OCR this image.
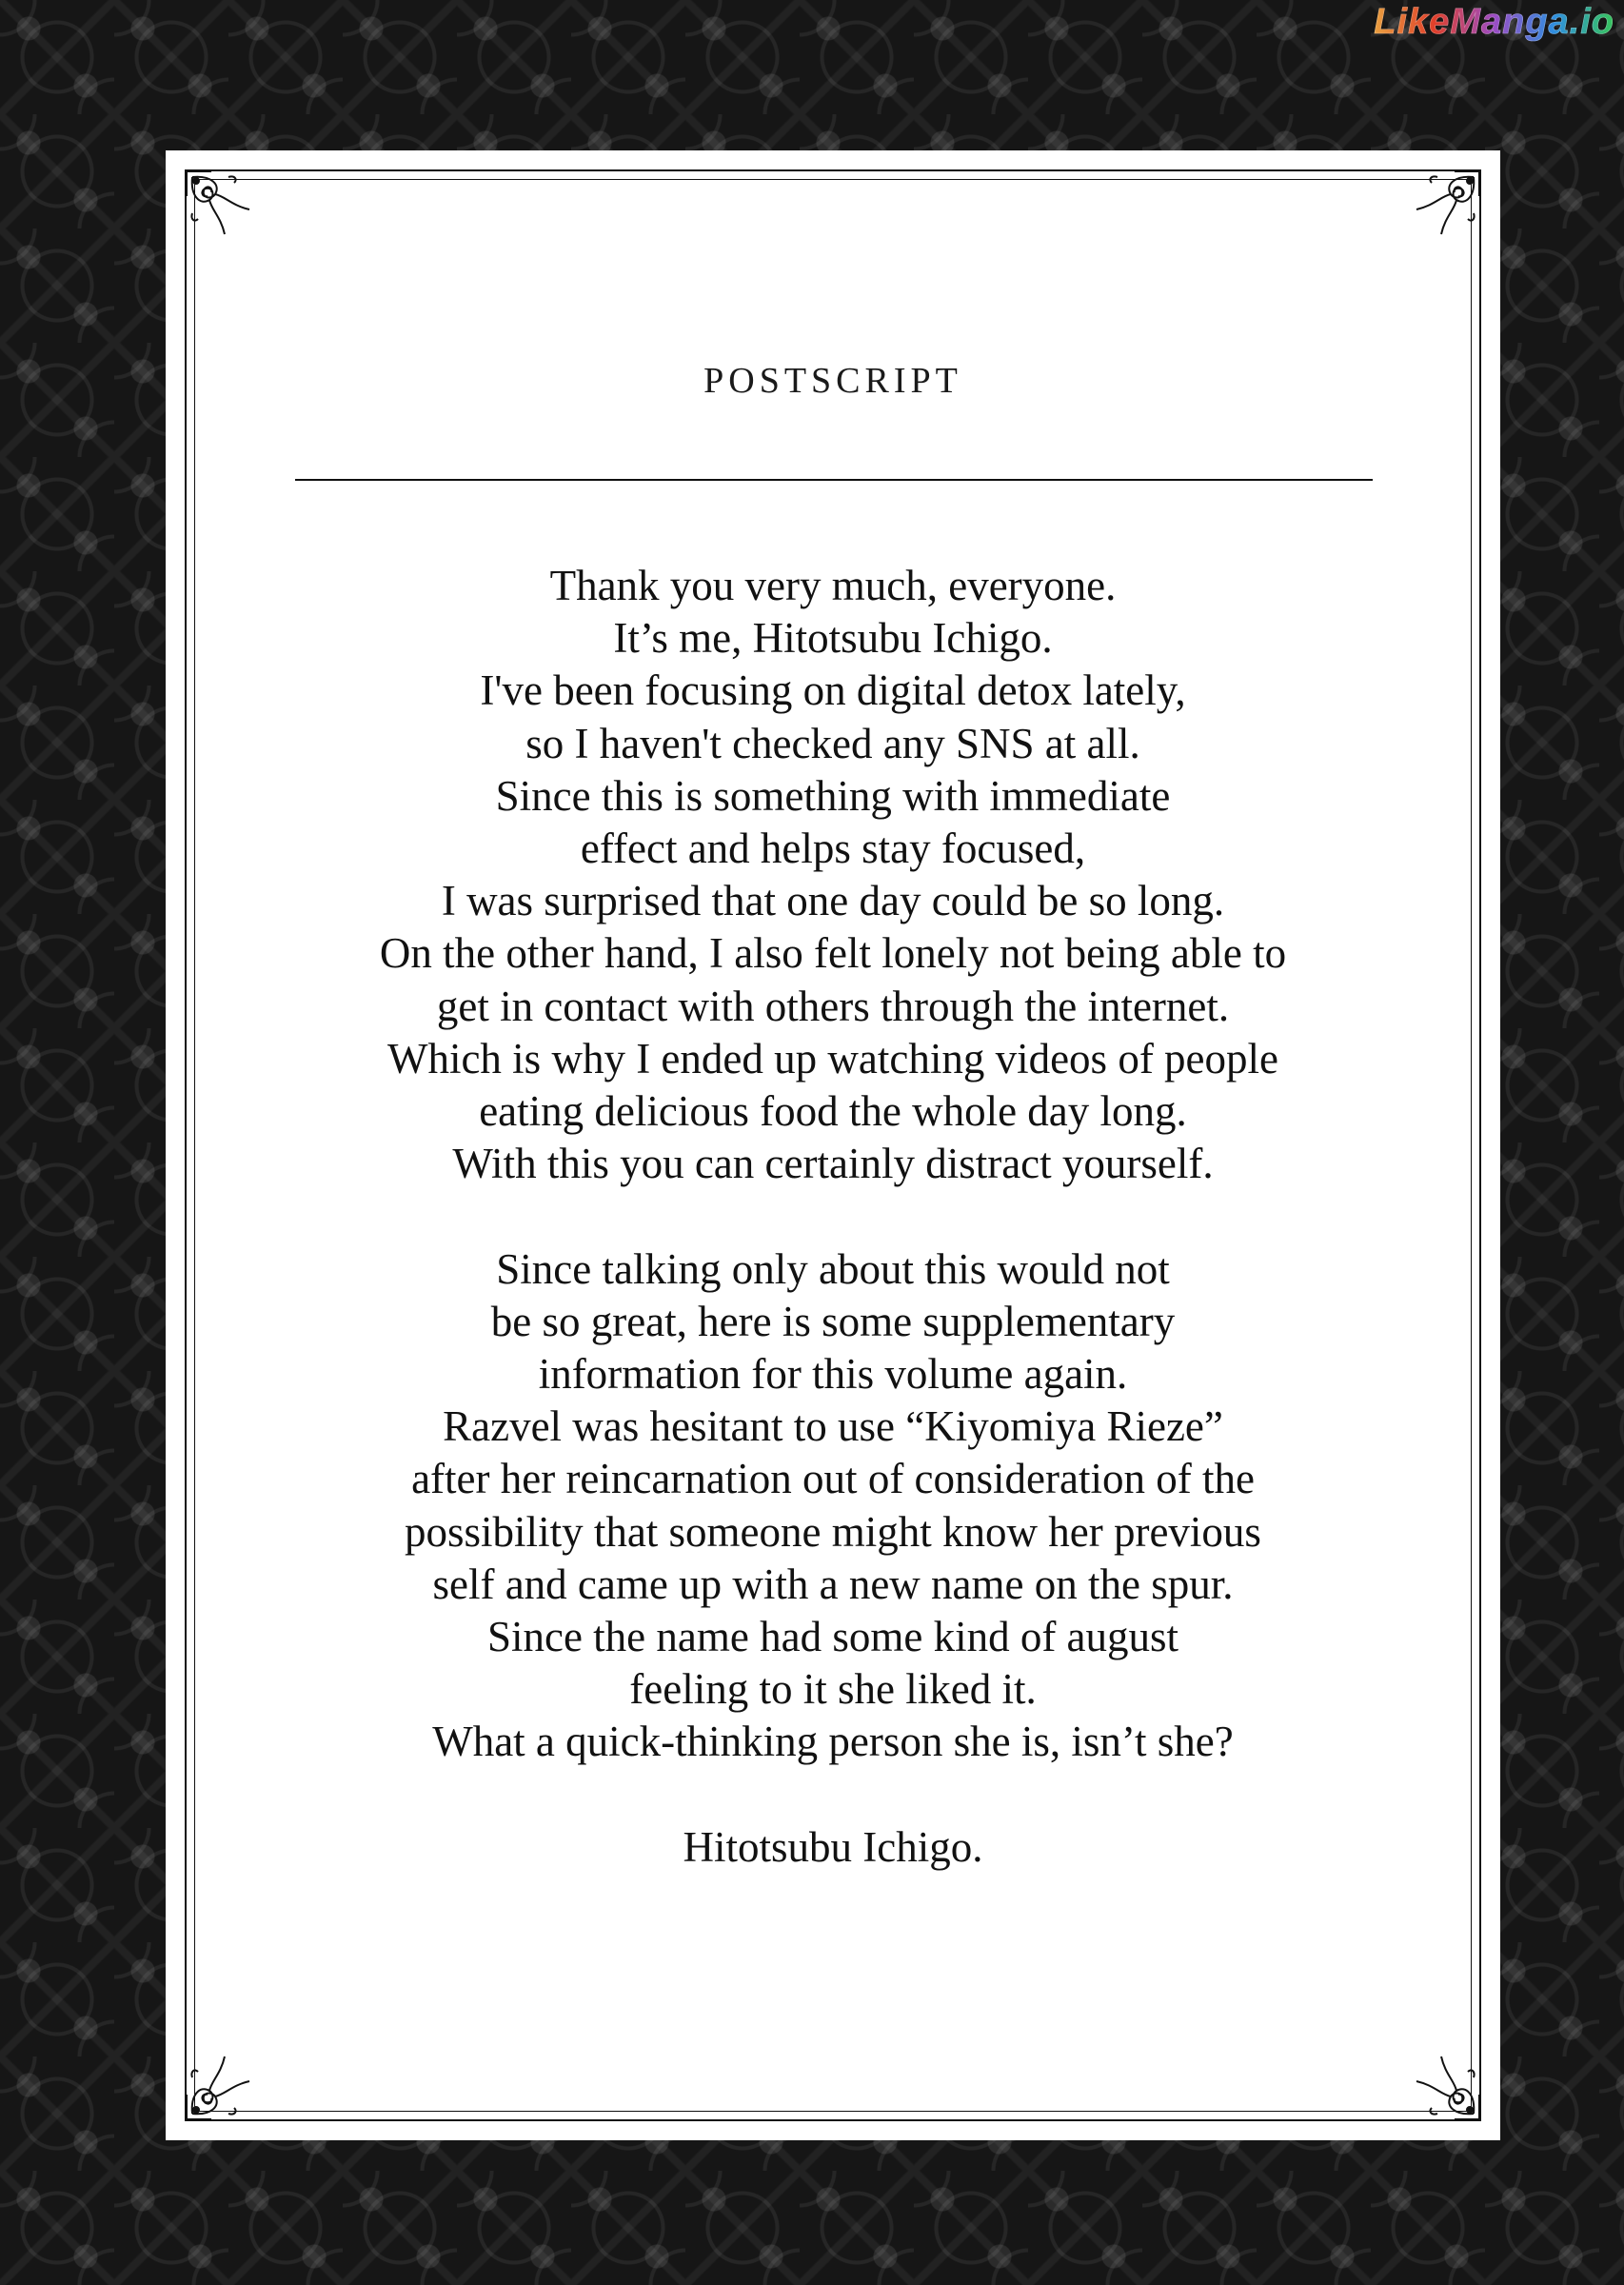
LikeManga.io
POSTSCRIPT
Thank you very much, everyone.
It’s me, Hitotsubu Ichigo.
I've been focusing on digital detox lately,
so I haven't checked any SNS at all.
Since this is something with immediate
effect and helps stay focused,
I was surprised that one day could be so long.
On the other hand, I also felt lonely not being able to
get in contact with others through the internet.
Which is why I ended up watching videos of people
eating delicious food the whole day long.
With this you can certainly distract yourself.
Since talking only about this would not
be so great, here is some supplementary
information for this volume again.
Razvel was hesitant to use “Kiyomiya Rieze”
after her reincarnation out of consideration of the
possibility that someone might know her previous
self and came up with a new name on the spur.
Since the name had some kind of august
feeling to it she liked it.
What a quick-thinking person she is, isn’t she?
Hitotsubu Ichigo.
